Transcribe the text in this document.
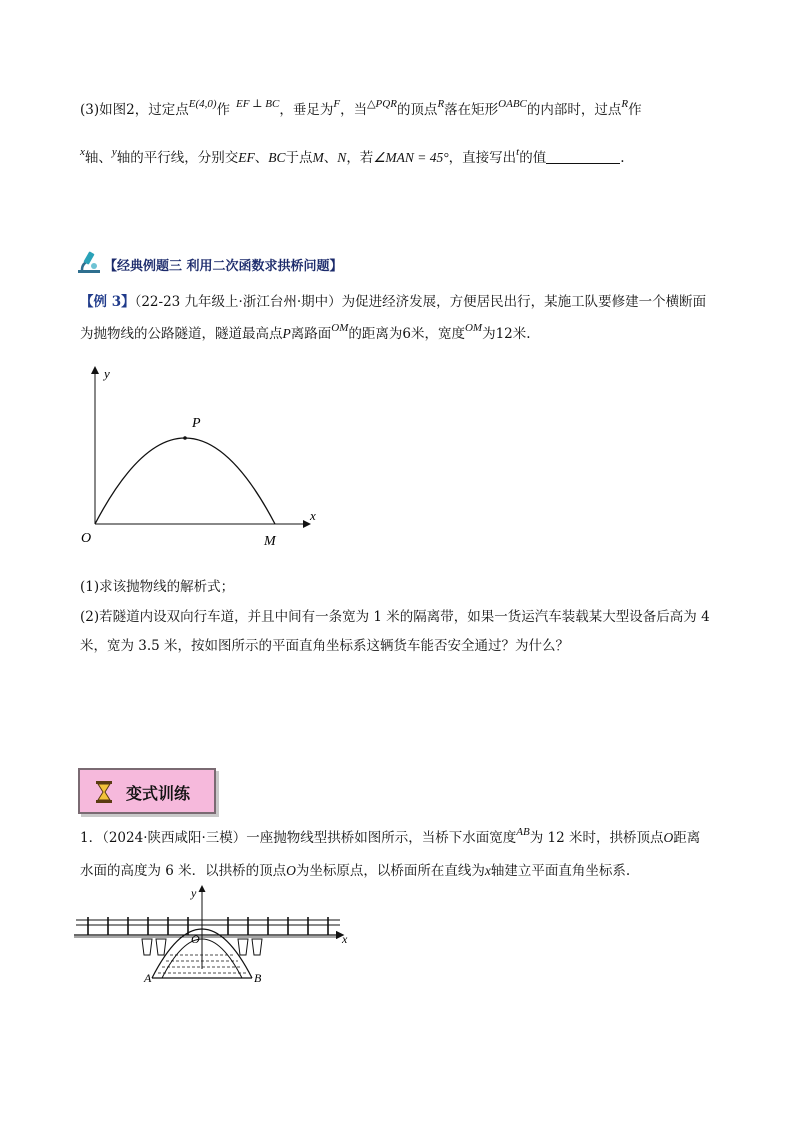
(3)如图2，过定点$^{E(4,0)}$作 $^{EF \perp BC}$，垂足为$^F$，当$^{\triangle PQR}$的顶点$^R$落在矩形$^{OABC}$的内部时，过点$^R$作
$^x$轴、$^y$轴的平行线，分别交EF、BC于点M、N，若∠MAN = 45°，直接写出$^t$的值	.
【经典例题三 利用二次函数求拱桥问题】
【例 3】（22-23 九年级上·浙江台州·期中）为促进经济发展，方便居民出行，某施工队要修建一个横断面
为抛物线的公路隧道，隧道最高点P离路面$^{OM}$的距离为6米，宽度$^{OM}$为12米.
y
x
P
O	M
(1)求该抛物线的解析式；
(2)若隧道内设双向行车道，并且中间有一条宽为 1 米的隔离带，如果一货运汽车装载某大型设备后高为 4
米，宽为 3.5 米，按如图所示的平面直角坐标系这辆货车能否安全通过？为什么？
变式训练
1．（2024·陕西咸阳·三模）一座抛物线型拱桥如图所示，当桥下水面宽度$^{AB}$为 12 米时，拱桥顶点O距离
水面的高度为 6 米．以拱桥的顶点O为坐标原点，以桥面所在直线为x轴建立平面直角坐标系.
y
x
O
A	B
